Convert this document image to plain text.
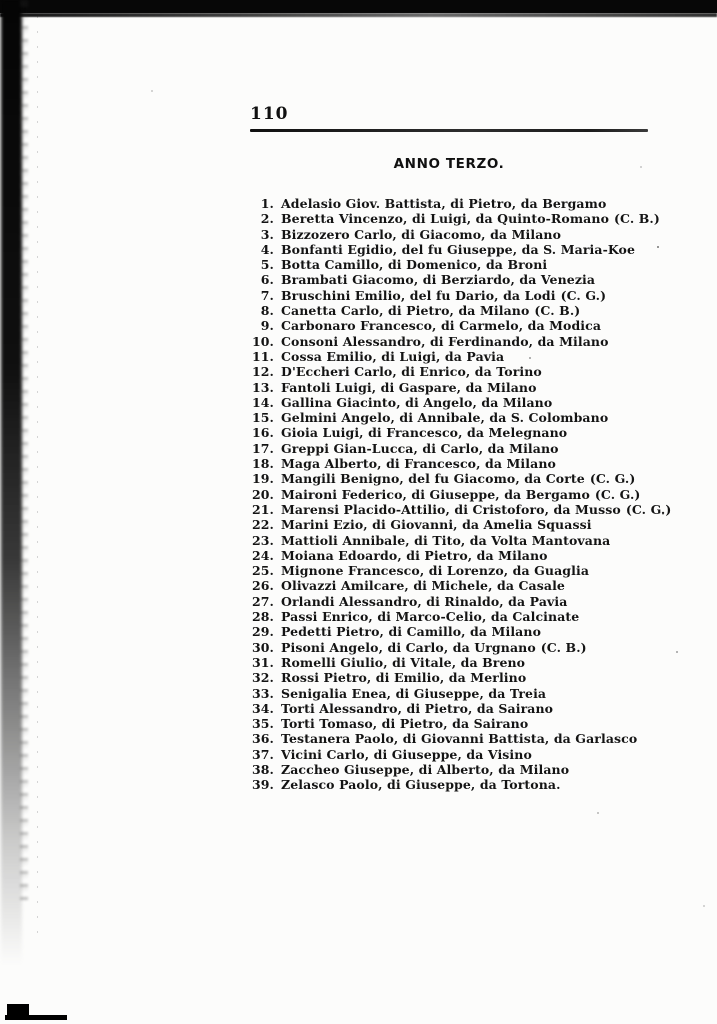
110
ANNO TERZO.
1. Adelasio Giov. Battista, di Pietro, da Bergamo
2. Beretta Vincenzo, di Luigi, da Quinto-Romano (C. B.)
3. Bizzozero Carlo, di Giacomo, da Milano
4. Bonfanti Egidio, del fu Giuseppe, da S. Maria-Koe
5. Botta Camillo, di Domenico, da Broni
6. Brambati Giacomo, di Berziardo, da Venezia
7. Bruschini Emilio, del fu Dario, da Lodi (C. G.)
8. Canetta Carlo, di Pietro, da Milano (C. B.)
9. Carbonaro Francesco, di Carmelo, da Modica
10. Consoni Alessandro, di Ferdinando, da Milano
11. Cossa Emilio, di Luigi, da Pavia
12. D'Eccheri Carlo, di Enrico, da Torino
13. Fantoli Luigi, di Gaspare, da Milano
14. Gallina Giacinto, di Angelo, da Milano
15. Gelmini Angelo, di Annibale, da S. Colombano
16. Gioia Luigi, di Francesco, da Melegnano
17. Greppi Gian-Lucca, di Carlo, da Milano
18. Maga Alberto, di Francesco, da Milano
19. Mangili Benigno, del fu Giacomo, da Corte (C. G.)
20. Maironi Federico, di Giuseppe, da Bergamo (C. G.)
21. Marensi Placido-Attilio, di Cristoforo, da Musso (C. G.)
22. Marini Ezio, di Giovanni, da Amelia Squassi
23. Mattioli Annibale, di Tito, da Volta Mantovana
24. Moiana Edoardo, di Pietro, da Milano
25. Mignone Francesco, di Lorenzo, da Guaglia
26. Olivazzi Amilcare, di Michele, da Casale
27. Orlandi Alessandro, di Rinaldo, da Pavia
28. Passi Enrico, di Marco-Celio, da Calcinate
29. Pedetti Pietro, di Camillo, da Milano
30. Pisoni Angelo, di Carlo, da Urgnano (C. B.)
31. Romelli Giulio, di Vitale, da Breno
32. Rossi Pietro, di Emilio, da Merlino
33. Senigalia Enea, di Giuseppe, da Treia
34. Torti Alessandro, di Pietro, da Sairano
35. Torti Tomaso, di Pietro, da Sairano
36. Testanera Paolo, di Giovanni Battista, da Garlasco
37. Vicini Carlo, di Giuseppe, da Visino
38. Zaccheo Giuseppe, di Alberto, da Milano
39. Zelasco Paolo, di Giuseppe, da Tortona.
